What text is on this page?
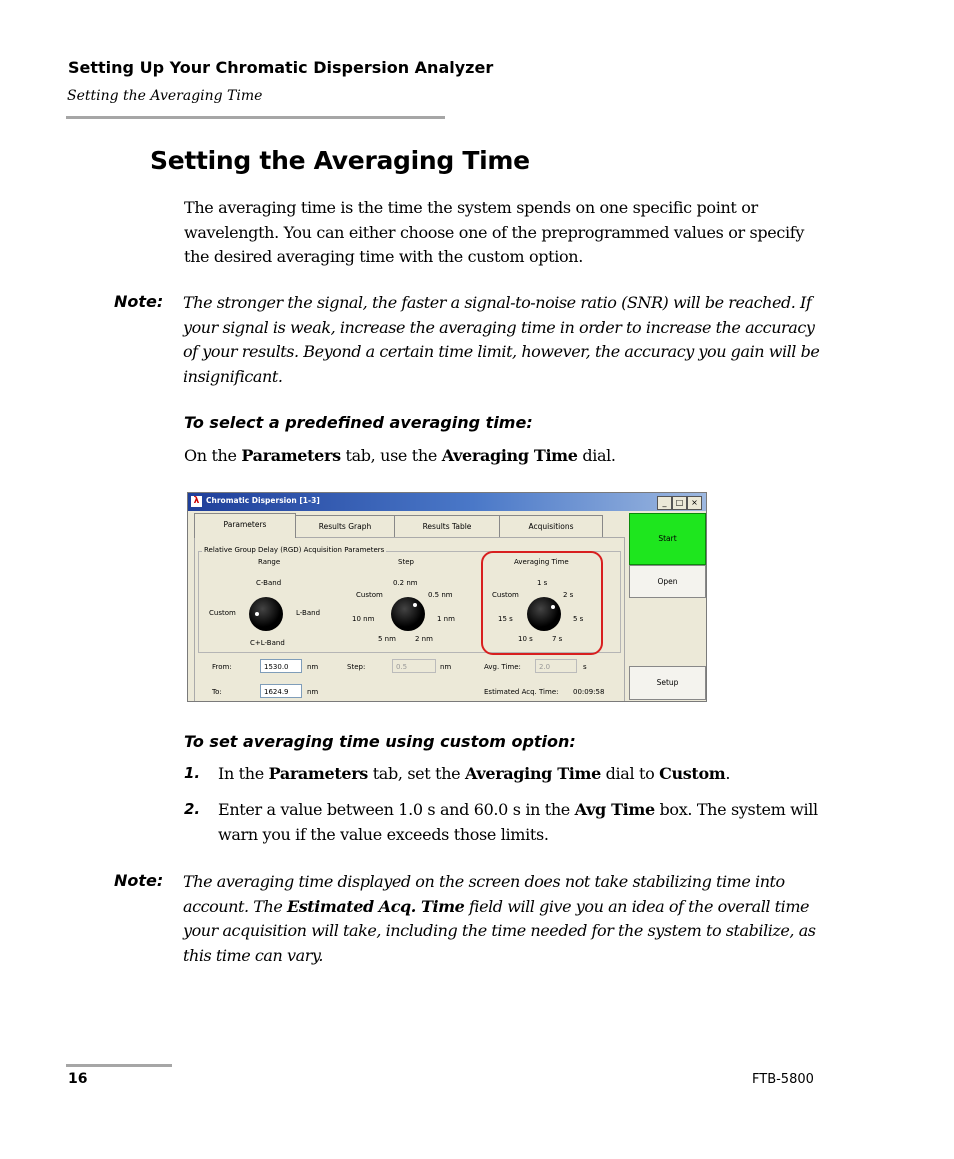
Setting Up Your Chromatic Dispersion Analyzer
Setting the Averaging Time
Setting the Averaging Time
The averaging time is the time the system spends on one specific point or wavelength. You can either choose one of the preprogrammed values or specify the desired averaging time with the custom option.
Note: The stronger the signal, the faster a signal-to-noise ratio (SNR) will be reached. If your signal is weak, increase the averaging time in order to increase the accuracy of your results. Beyond a certain time limit, however, the accuracy you gain will be insignificant.
To select a predefined averaging time:
On the Parameters tab, use the Averaging Time dial.
λ Chromatic Dispersion [1-3]	_	□ ×
Parameters	Results Graph	Results Table	Acquisitions
Relative Group Delay (RGD) Acquisition Parameters
Range
C-Band
Custom	L-Band
C+L-Band
Step
0.2 nm
Custom	0.5 nm
10 nm	1 nm
5 nm	2 nm
Averaging Time
1 s
Custom	2 s
15 s	5 s
10 s	7 s
From:	1530.0	nm	Step:	0.5	nm	Avg. Time:	2.0	s
To:	1624.9	nm	Estimated Acq. Time: 00:09:58
Start
Open
Setup
To set averaging time using custom option:
1. In the Parameters tab, set the Averaging Time dial to Custom.
2. Enter a value between 1.0 s and 60.0 s in the Avg Time box. The system will warn you if the value exceeds those limits.
Note: The averaging time displayed on the screen does not take stabilizing time into account. The Estimated Acq. Time field will give you an idea of the overall time your acquisition will take, including the time needed for the system to stabilize, as this time can vary.
16	FTB-5800
